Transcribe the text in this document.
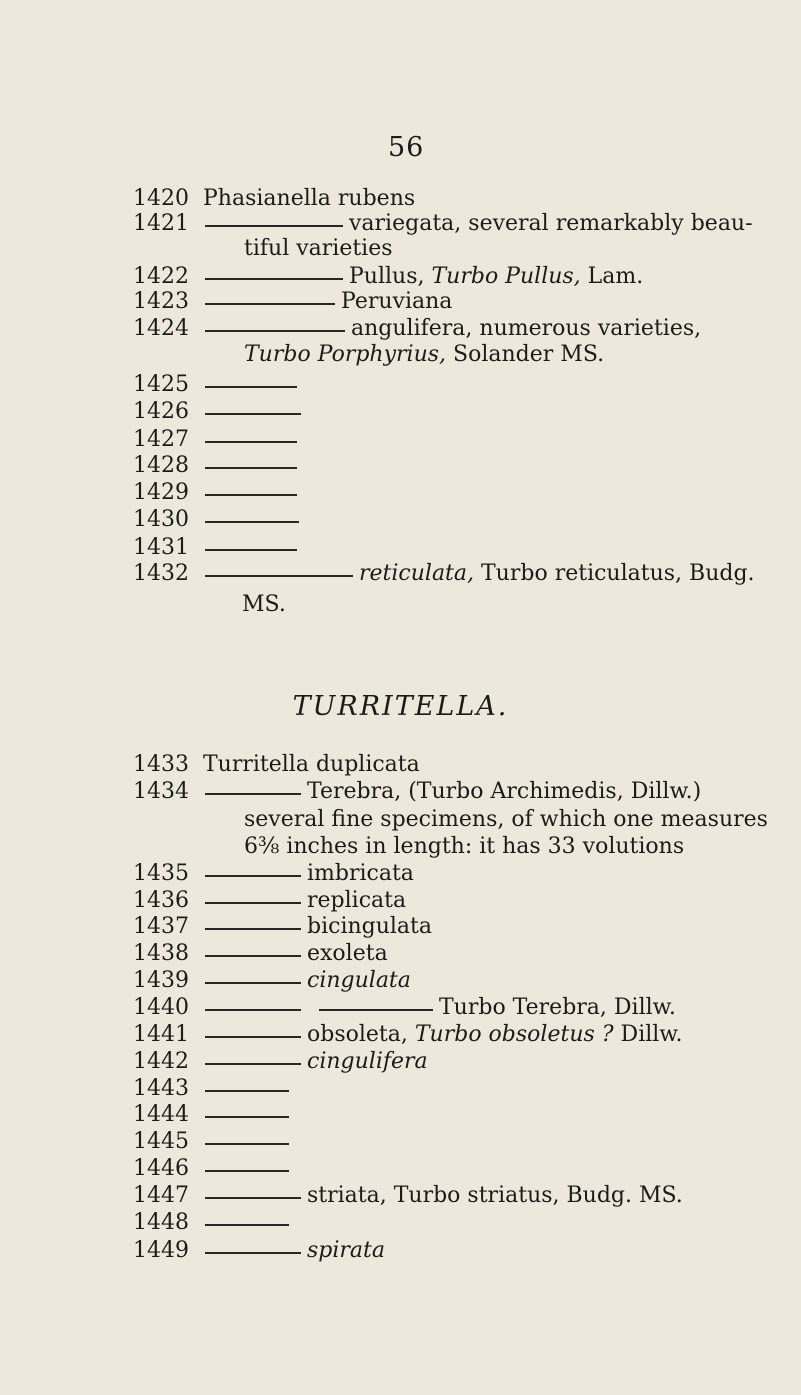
56
1420 Phasianella rubens
1421	variegata, several remarkably beau-
tiful varieties
1422	Pullus, Turbo Pullus, Lam.
1423	Peruviana
1424	angulifera, numerous varieties,
Turbo Porphyrius, Solander MS.
1425
1426
1427
1428
1429
1430
1431
1432	reticulata, Turbo reticulatus, Budg.
MS.
TURRITELLA.
1433 Turritella duplicata
1434	Terebra, (Turbo Archimedis, Dillw.)
several fine specimens, of which one measures
6⅜ inches in length: it has 33 volutions
1435	imbricata
1436	replicata
1437	bicingulata
1438	exoleta
1439	cingulata
1440	Turbo Terebra, Dillw.
1441	obsoleta, Turbo obsoletus ? Dillw.
1442	cingulifera
1443
1444
1445
1446
1447	striata, Turbo striatus, Budg. MS.
1448
1449	spirata
